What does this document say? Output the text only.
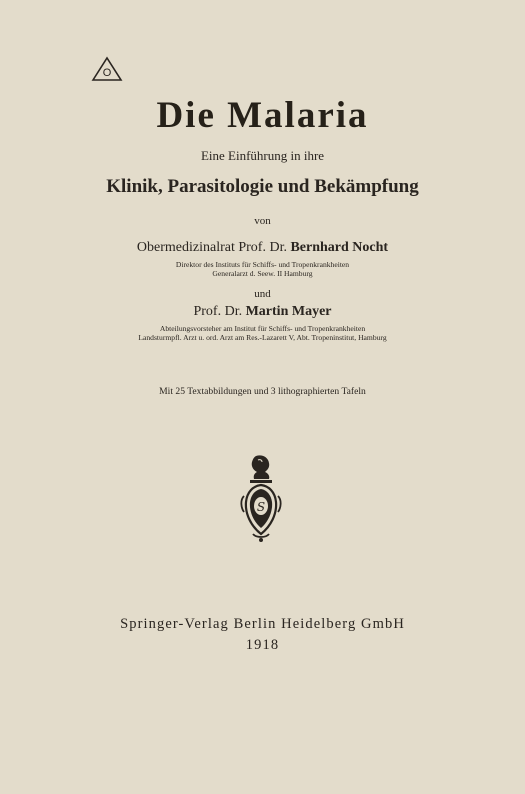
O
Die Malaria
Eine Einführung in ihre
Klinik, Parasitologie und Bekämpfung
von
Obermedizinalrat Prof. Dr. Bernhard Nocht
Direktor des Instituts für Schiffs- und Tropenkrankheiten
Generalarzt d. Seew. II Hamburg
und
Prof. Dr. Martin Mayer
Abteilungsvorsteher am Institut für Schiffs- und Tropenkrankheiten
Landsturmpfl. Arzt u. ord. Arzt am Res.-Lazarett V, Abt. Tropeninstitut, Hamburg
Mit 25 Textabbildungen und 3 lithographierten Tafeln
S
Springer-Verlag Berlin Heidelberg GmbH
1918
